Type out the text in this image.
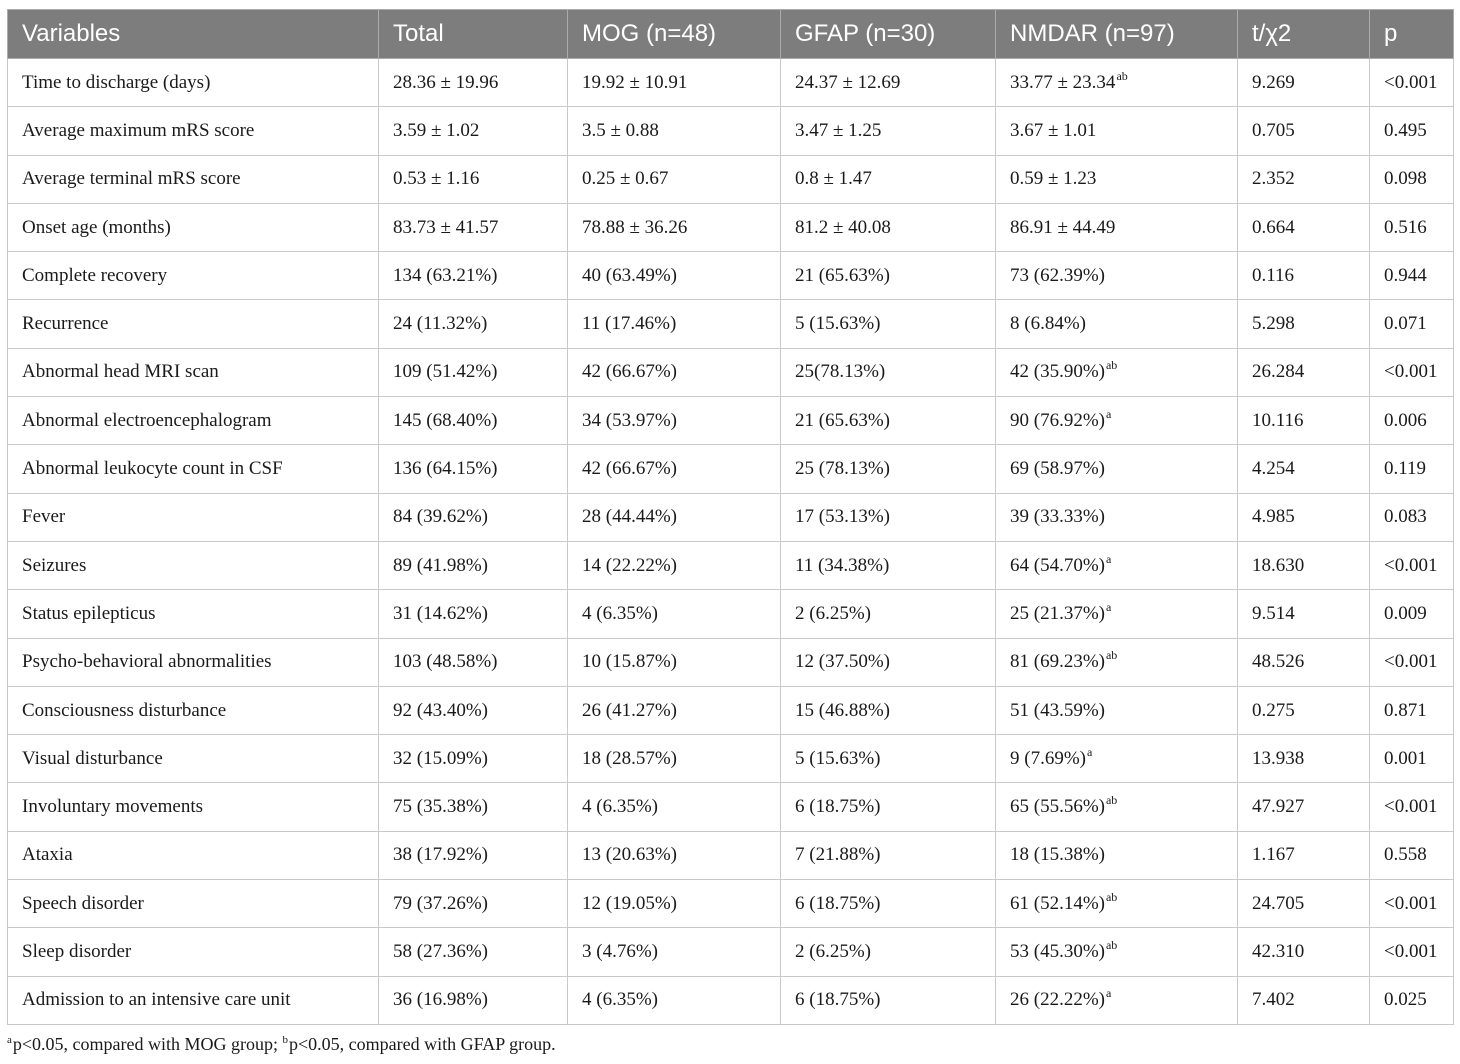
Variables	Total	MOG (n=48)	GFAP (n=30)	NMDAR (n=97)	t/χ2	p
Time to discharge (days)	28.36 ± 19.96	19.92 ± 10.91	24.37 ± 12.69	33.77 ± 23.34$^{ab}$	9.269	<0.001
Average maximum mRS score	3.59 ± 1.02	3.5 ± 0.88	3.47 ± 1.25	3.67 ± 1.01	0.705	0.495
Average terminal mRS score	0.53 ± 1.16	0.25 ± 0.67	0.8 ± 1.47	0.59 ± 1.23	2.352	0.098
Onset age (months)	83.73 ± 41.57	78.88 ± 36.26	81.2 ± 40.08	86.91 ± 44.49	0.664	0.516
Complete recovery	134 (63.21%)	40 (63.49%)	21 (65.63%)	73 (62.39%)	0.116	0.944
Recurrence	24 (11.32%)	11 (17.46%)	5 (15.63%)	8 (6.84%)	5.298	0.071
Abnormal head MRI scan	109 (51.42%)	42 (66.67%)	25(78.13%)	42 $(35.90\%)^{ab}$	26.284	<0.001
Abnormal electroencephalogram	145 (68.40%)	34 (53.97%)	21 (65.63%)	90 $(76.92\%)^a$	10.116	0.006
Abnormal leukocyte count in CSF	136 (64.15%)	42 (66.67%)	25 (78.13%)	69 (58.97%)	4.254	0.119
Fever	84 (39.62%)	28 (44.44%)	17 (53.13%)	39 (33.33%)	4.985	0.083
Seizures	89 (41.98%)	14 (22.22%)	11 (34.38%)	64 $(54.70\%)^a$	18.630	<0.001
Status epilepticus	31 (14.62%)	4 (6.35%)	2 (6.25%)	25 $(21.37\%)^a$	9.514	0.009
Psycho-behavioral abnormalities	103 (48.58%)	10 (15.87%)	12 (37.50%)	81 $(69.23\%)^{ab}$	48.526	<0.001
Consciousness disturbance	92 (43.40%)	26 (41.27%)	15 (46.88%)	51 (43.59%)	0.275	0.871
Visual disturbance	32 (15.09%)	18 (28.57%)	5 (15.63%)	9 $(7.69\%)^a$	13.938	0.001
Involuntary movements	75 (35.38%)	4 (6.35%)	6 (18.75%)	65 $(55.56\%)^{ab}$	47.927	<0.001
Ataxia	38 (17.92%)	13 (20.63%)	7 (21.88%)	18 (15.38%)	1.167	0.558
Speech disorder	79 (37.26%)	12 (19.05%)	6 (18.75%)	61 $(52.14\%)^{ab}$	24.705	<0.001
Sleep disorder	58 (27.36%)	3 (4.76%)	2 (6.25%)	53 $(45.30\%)^{ab}$	42.310	<0.001
Admission to an intensive care unit	36 (16.98%)	4 (6.35%)	6 (18.75%)	26 $(22.22\%)^a$	7.402	0.025
$^a$p<0.05, compared with MOG group; $^b$p<0.05, compared with GFAP group.
